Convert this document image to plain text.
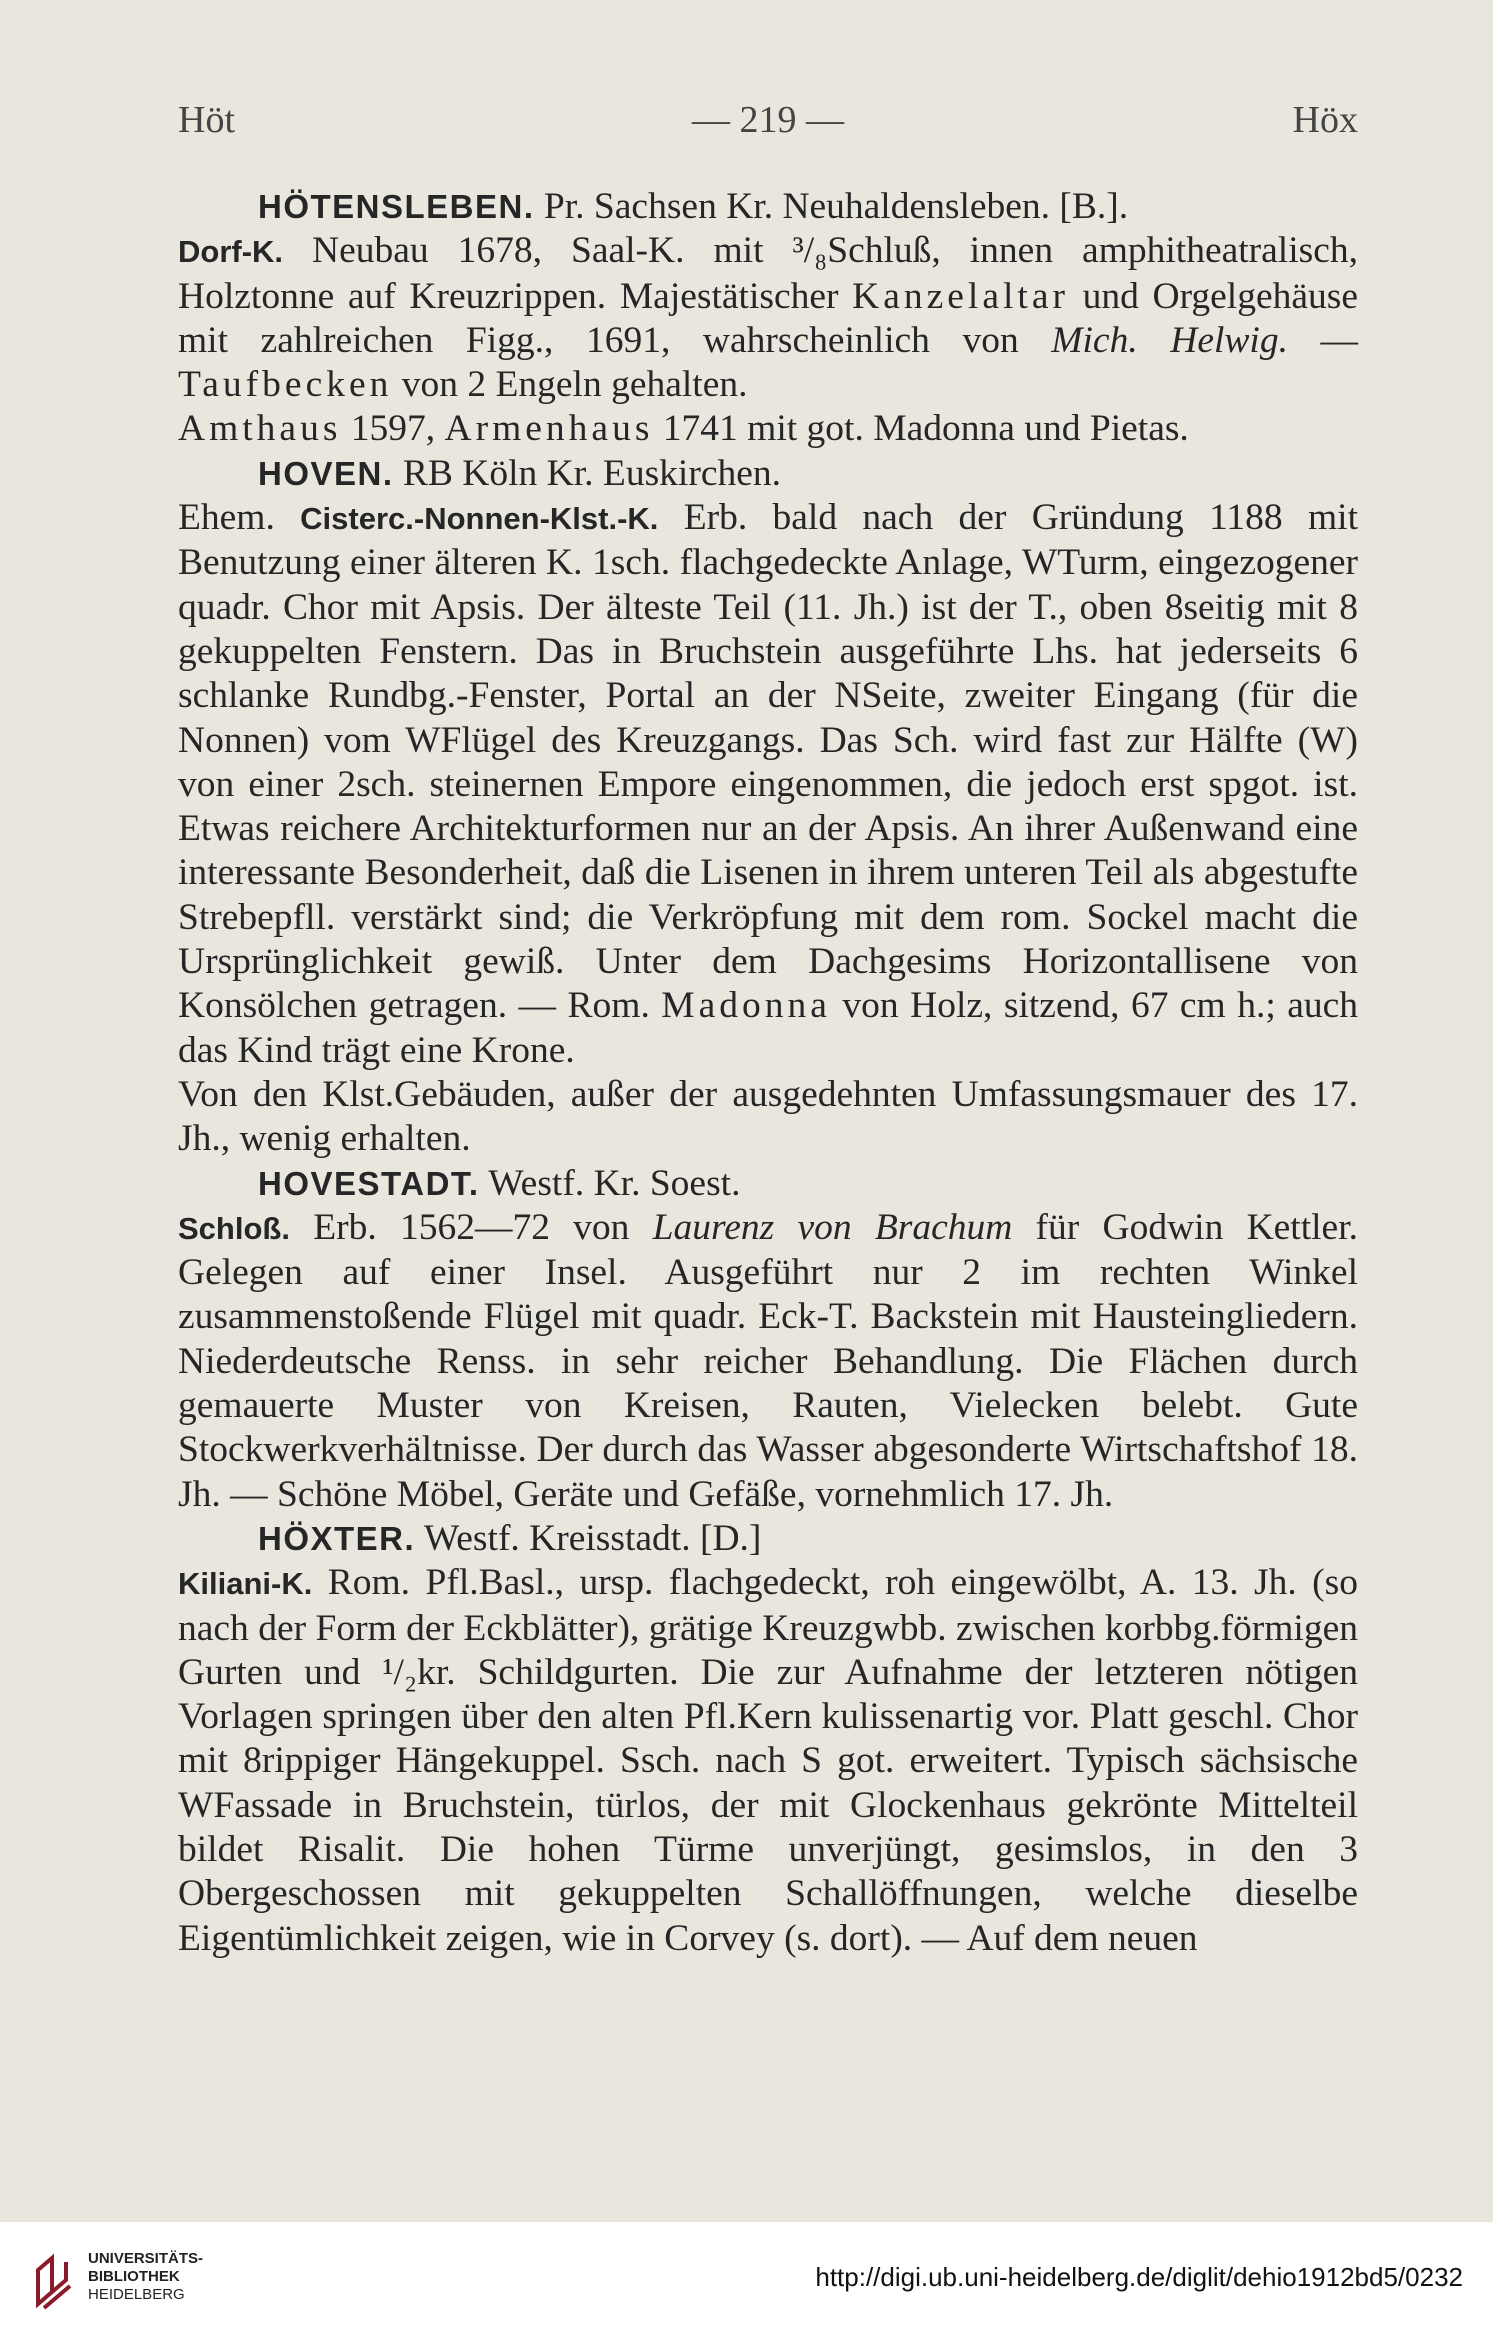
Höt	— 219 —	Höx

HÖTENSLEBEN. Pr. Sachsen Kr. Neuhaldensleben. [B.].

Dorf-K. Neubau 1678, Saal-K. mit ³/₈Schluß, innen amphitheatralisch, Holztonne auf Kreuzrippen. Majestätischer Kanzelaltar und Orgelgehäuse mit zahlreichen Figg., 1691, wahrscheinlich von Mich. Helwig. — Taufbecken von 2 Engeln gehalten.

Amthaus 1597, Armenhaus 1741 mit got. Madonna und Pietas.

HOVEN. RB Köln Kr. Euskirchen.

Ehem. Cisterc.-Nonnen-Klst.-K. Erb. bald nach der Gründung 1188 mit Benutzung einer älteren K. 1sch. flachgedeckte Anlage, WTurm, eingezogener quadr. Chor mit Apsis. Der älteste Teil (11. Jh.) ist der T., oben 8seitig mit 8 gekuppelten Fenstern. Das in Bruchstein ausgeführte Lhs. hat jederseits 6 schlanke Rundbg.-Fenster, Portal an der NSeite, zweiter Eingang (für die Nonnen) vom WFlügel des Kreuzgangs. Das Sch. wird fast zur Hälfte (W) von einer 2sch. steinernen Empore eingenommen, die jedoch erst spgot. ist. Etwas reichere Architekturformen nur an der Apsis. An ihrer Außenwand eine interessante Besonderheit, daß die Lisenen in ihrem unteren Teil als abgestufte Strebepfll. verstärkt sind; die Verkröpfung mit dem rom. Sockel macht die Ursprünglichkeit gewiß. Unter dem Dachgesims Horizontallisene von Konsölchen getragen. — Rom. Madonna von Holz, sitzend, 67 cm h.; auch das Kind trägt eine Krone.

Von den Klst.Gebäuden, außer der ausgedehnten Umfassungsmauer des 17. Jh., wenig erhalten.

HOVESTADT. Westf. Kr. Soest.

Schloß. Erb. 1562—72 von Laurenz von Brachum für Godwin Kettler. Gelegen auf einer Insel. Ausgeführt nur 2 im rechten Winkel zusammenstoßende Flügel mit quadr. Eck-T. Backstein mit Hausteingliedern. Niederdeutsche Renss. in sehr reicher Behandlung. Die Flächen durch gemauerte Muster von Kreisen, Rauten, Vielecken belebt. Gute Stockwerkverhältnisse. Der durch das Wasser abgesonderte Wirtschaftshof 18. Jh. — Schöne Möbel, Geräte und Gefäße, vornehmlich 17. Jh.

HÖXTER. Westf. Kreisstadt. [D.]

Kiliani-K. Rom. Pfl.Basl., ursp. flachgedeckt, roh eingewölbt, A. 13. Jh. (so nach der Form der Eckblätter), grätige Kreuzgwbb. zwischen korbbg.förmigen Gurten und ¹/₂kr. Schildgurten. Die zur Aufnahme der letzteren nötigen Vorlagen springen über den alten Pfl.Kern kulissenartig vor. Platt geschl. Chor mit 8rippiger Hängekuppel. Ssch. nach S got. erweitert. Typisch sächsische WFassade in Bruchstein, türlos, der mit Glockenhaus gekrönte Mittelteil bildet Risalit. Die hohen Türme unverjüngt, gesimslos, in den 3 Obergeschossen mit gekuppelten Schallöffnungen, welche dieselbe Eigentümlichkeit zeigen, wie in Corvey (s. dort). — Auf dem neuen

UNIVERSITÄTS-
BIBLIOTHEK
HEIDELBERG
http://digi.ub.uni-heidelberg.de/diglit/dehio1912bd5/0232
